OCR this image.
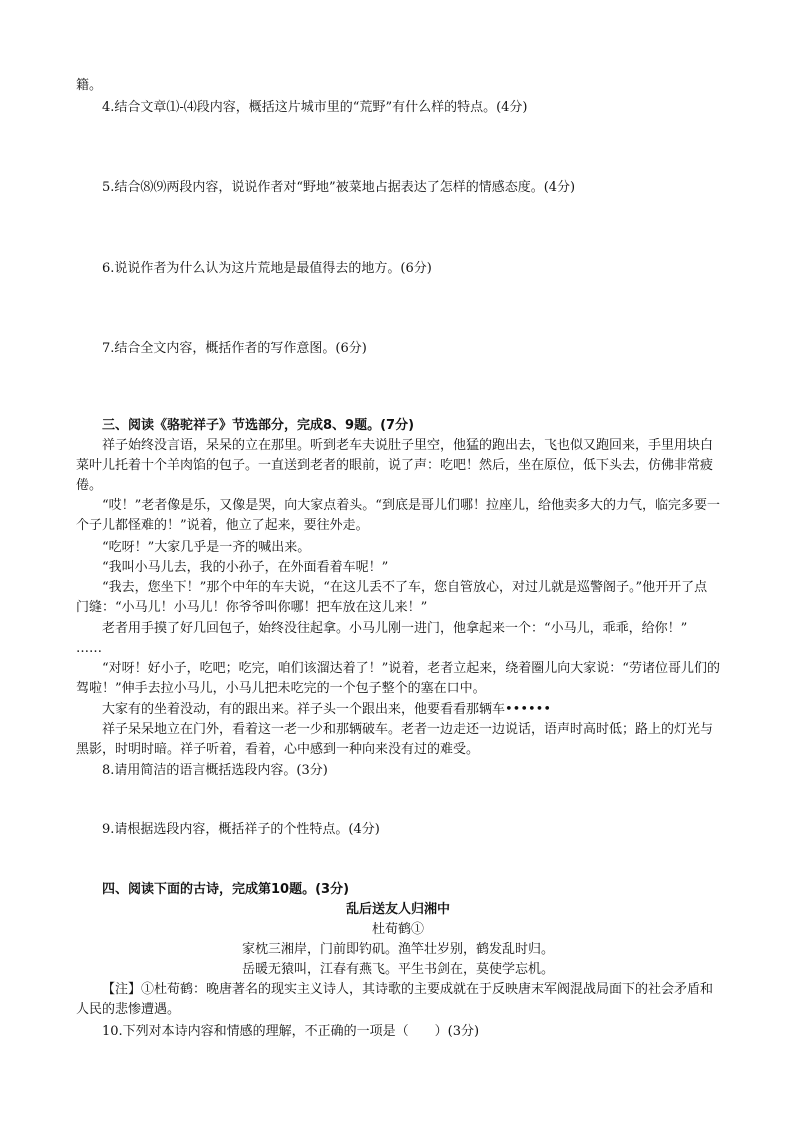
籍。

4.结合文章⑴-⑷段内容，概括这片城市里的“荒野”有什么样的特点。(4分)

5.结合⑻⑼两段内容，说说作者对“野地”被菜地占据表达了怎样的情感态度。(4分)

6.说说作者为什么认为这片荒地是最值得去的地方。(6分)

7.结合全文内容，概括作者的写作意图。(6分)

三、阅读《骆驼祥子》节选部分，完成8、9题。(7分)

祥子始终没言语，呆呆的立在那里。听到老车夫说肚子里空，他猛的跑出去，飞也似又跑回来，手里用块白菜叶儿托着十个羊肉馅的包子。一直送到老者的眼前，说了声：吃吧！然后，坐在原位，低下头去，仿佛非常疲倦。

“哎！”老者像是乐，又像是哭，向大家点着头。“到底是哥儿们哪！拉座儿，给他卖多大的力气，临完多要一个子儿都怪难的！”说着，他立了起来，要往外走。

“吃呀！”大家几乎是一齐的喊出来。

“我叫小马儿去，我的小孙子，在外面看着车呢！”

“我去，您坐下！”那个中年的车夫说，“在这儿丢不了车，您自管放心，对过儿就是巡警阁子。”他开开了点门缝：“小马儿！小马儿！你爷爷叫你哪！把车放在这儿来！”

老者用手摸了好几回包子，始终没往起拿。小马儿刚一进门，他拿起来一个：“小马儿，乖乖，给你！”

……

“对呀！好小子，吃吧；吃完，咱们该溜达着了！”说着，老者立起来，绕着圈儿向大家说：“劳诸位哥儿们的驾啦！”伸手去拉小马儿，小马儿把未吃完的一个包子整个的塞在口中。

大家有的坐着没动，有的跟出来。祥子头一个跟出来，他要看看那辆车••••••

祥子呆呆地立在门外，看着这一老一少和那辆破车。老者一边走还一边说话，语声时高时低；路上的灯光与黑影，时明时暗。祥子听着，看着，心中感到一种向来没有过的难受。

8.请用简洁的语言概括选段内容。(3分)

9.请根据选段内容，概括祥子的个性特点。(4分)

四、阅读下面的古诗，完成第10题。(3分)

乱后送友人归湘中

杜荀鹤①

家枕三湘岸，门前即钓矶。渔竿壮岁别，鹤发乱时归。

岳暖无猿叫，江春有燕飞。平生书剑在，莫使学忘机。

【注】①杜荀鹤：晚唐著名的现实主义诗人，其诗歌的主要成就在于反映唐末军阀混战局面下的社会矛盾和人民的悲惨遭遇。

10.下列对本诗内容和情感的理解，不正确的一项是（　　）(3分)
